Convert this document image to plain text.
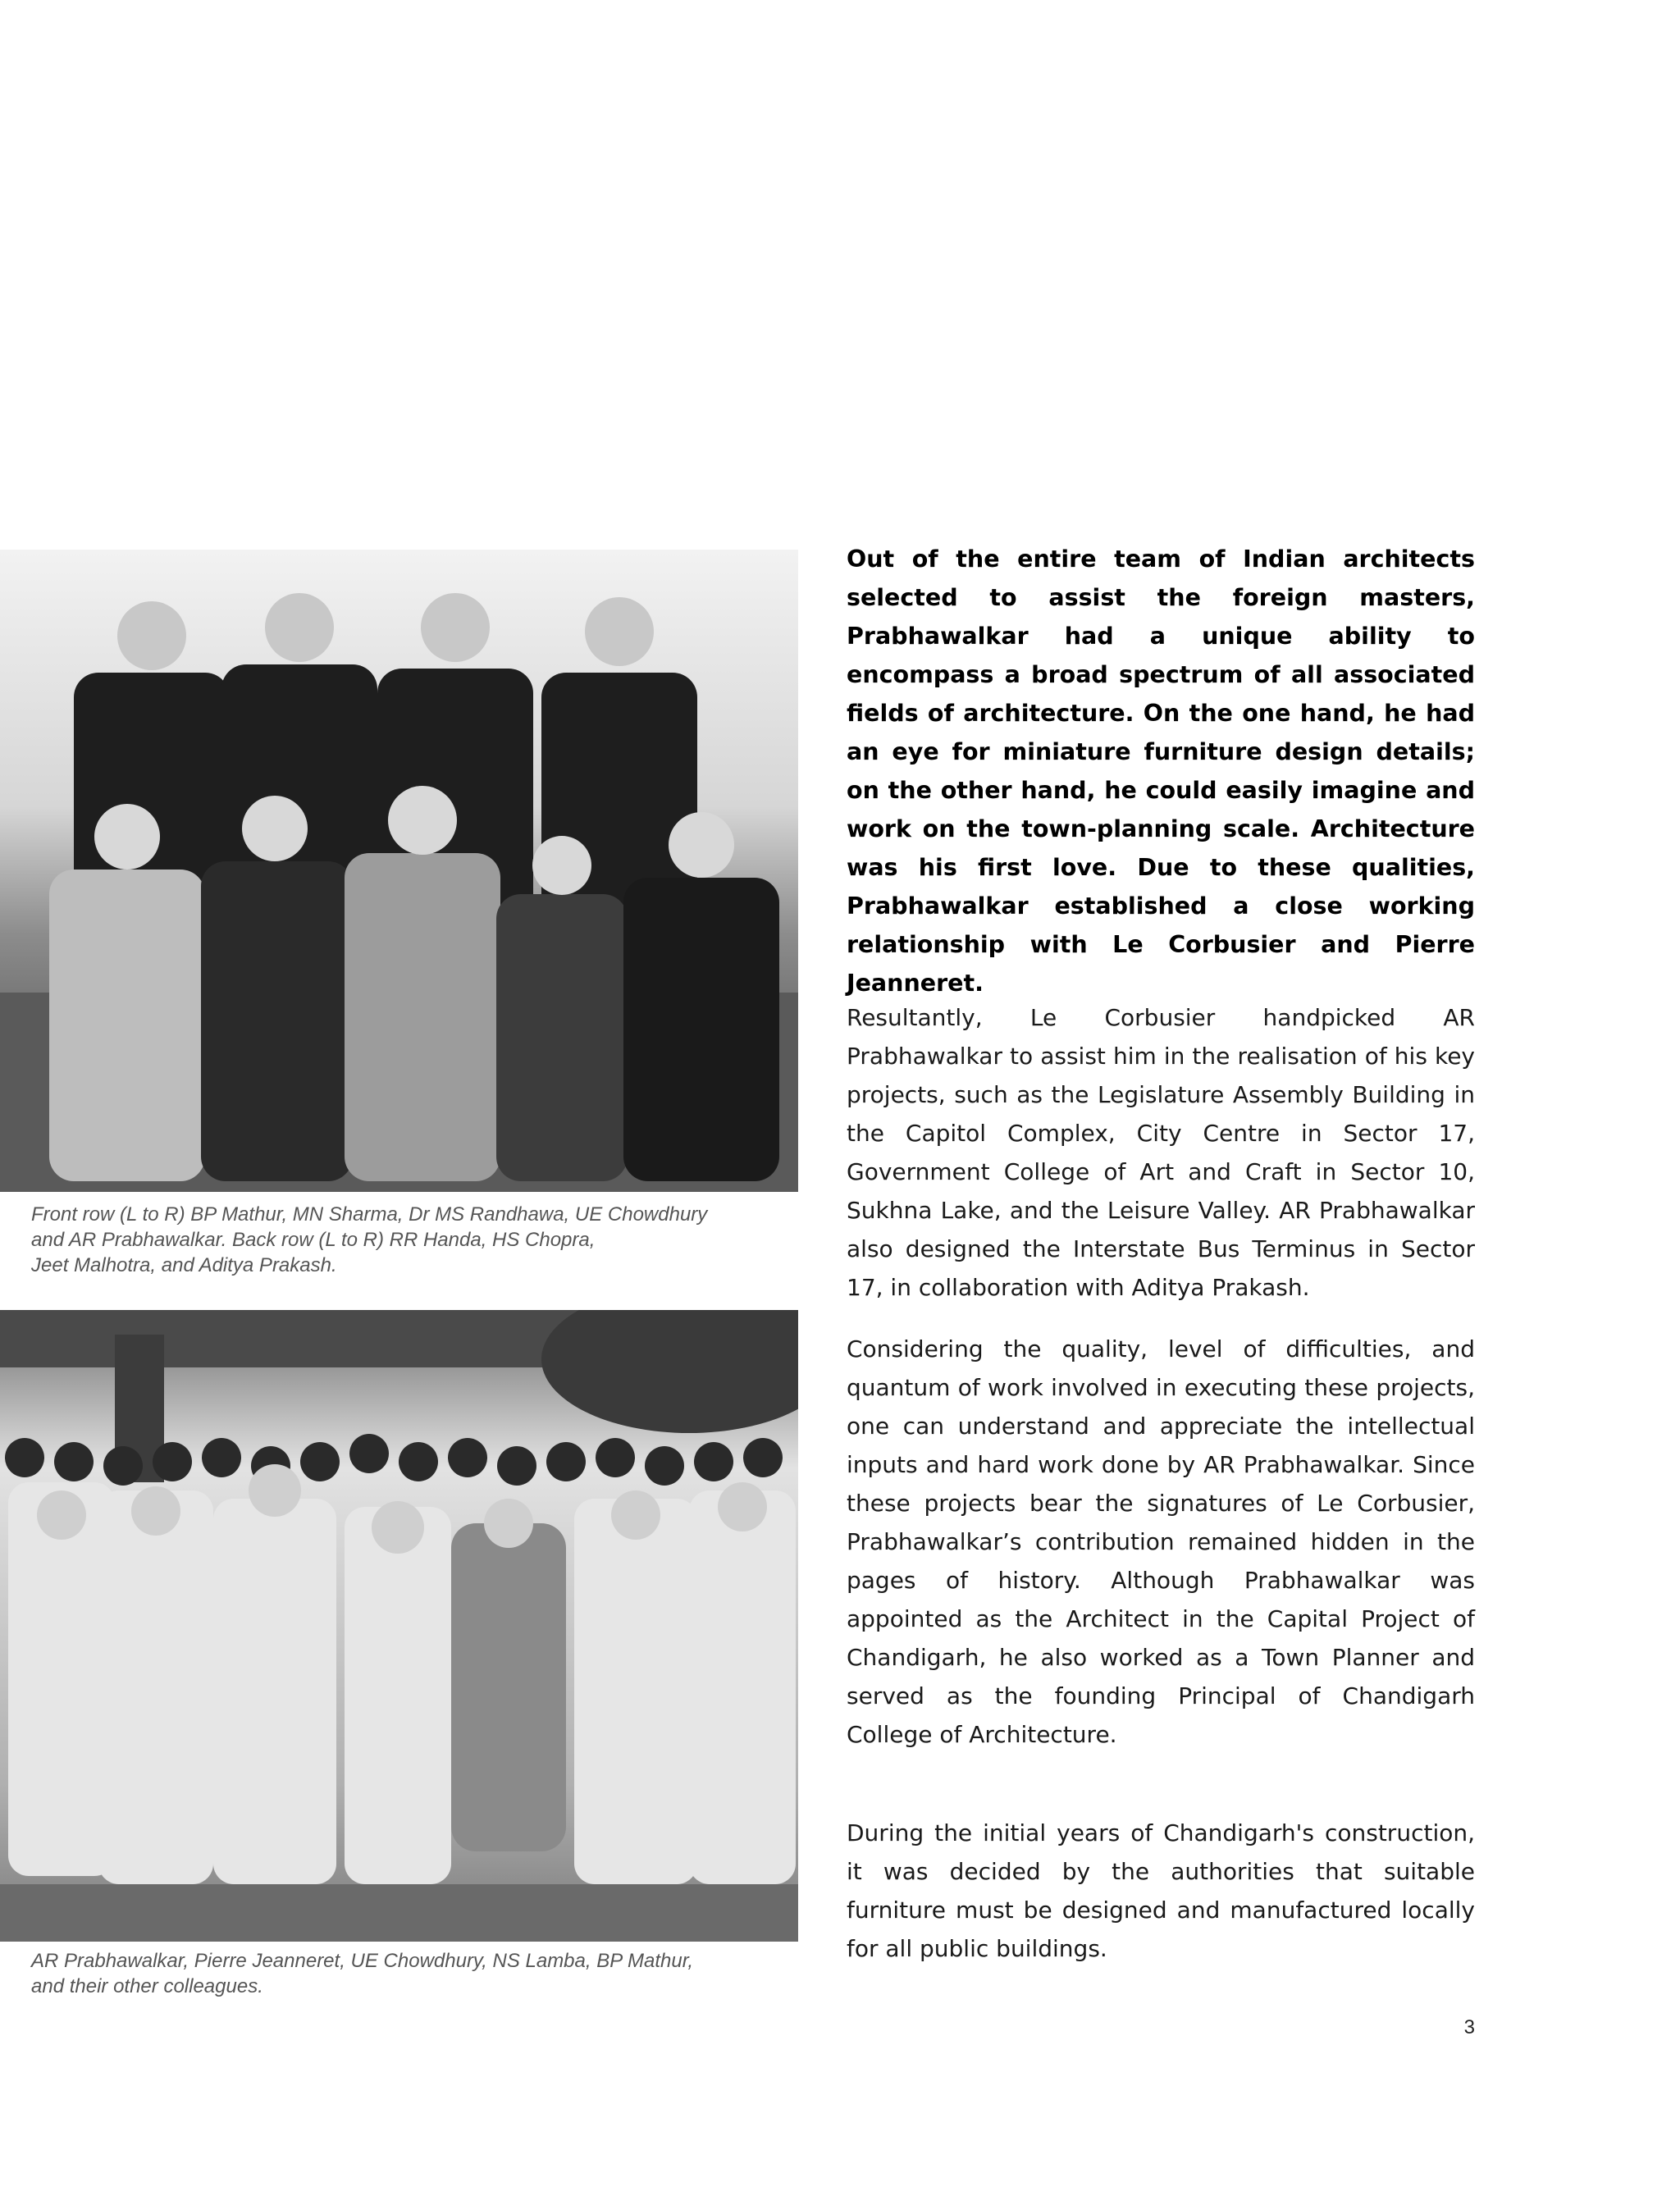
Front row (L to R) BP Mathur, MN Sharma, Dr MS Randhawa, UE Chowdhury
and AR Prabhawalkar. Back row (L to R) RR Handa, HS Chopra,
Jeet Malhotra, and Aditya Prakash.
AR Prabhawalkar, Pierre Jeanneret, UE Chowdhury, NS Lamba, BP Mathur,
and their other colleagues.

Out of the entire team of Indian architects selected to assist the foreign masters, Prabhawalkar had a unique ability to encompass a broad spectrum of all associated fields of architecture. On the one hand, he had an eye for miniature furniture design details; on the other hand, he could easily imagine and work on the town-planning scale. Architecture was his first love. Due to these qualities, Prabhawalkar established a close working relationship with Le Corbusier and Pierre Jeanneret.

Resultantly, Le Corbusier handpicked AR Prabhawalkar to assist him in the realisation of his key projects, such as the Legislature Assembly Building in the Capitol Complex, City Centre in Sector 17, Government College of Art and Craft in Sector 10, Sukhna Lake, and the Leisure Valley. AR Prabhawalkar also designed the Interstate Bus Terminus in Sector 17, in collaboration with Aditya Prakash.

Considering the quality, level of difficulties, and quantum of work involved in executing these projects, one can understand and appreciate the intellectual inputs and hard work done by AR Prabhawalkar. Since these projects bear the signatures of Le Corbusier, Prabhawalkar’s contribution remained hidden in the pages of history. Although Prabhawalkar was appointed as the Architect in the Capital Project of Chandigarh, he also worked as a Town Planner and served as the founding Principal of Chandigarh College of Architecture.

During the initial years of Chandigarh's construction, it was decided by the authorities that suitable furniture must be designed and manufactured locally for all public buildings.

3
